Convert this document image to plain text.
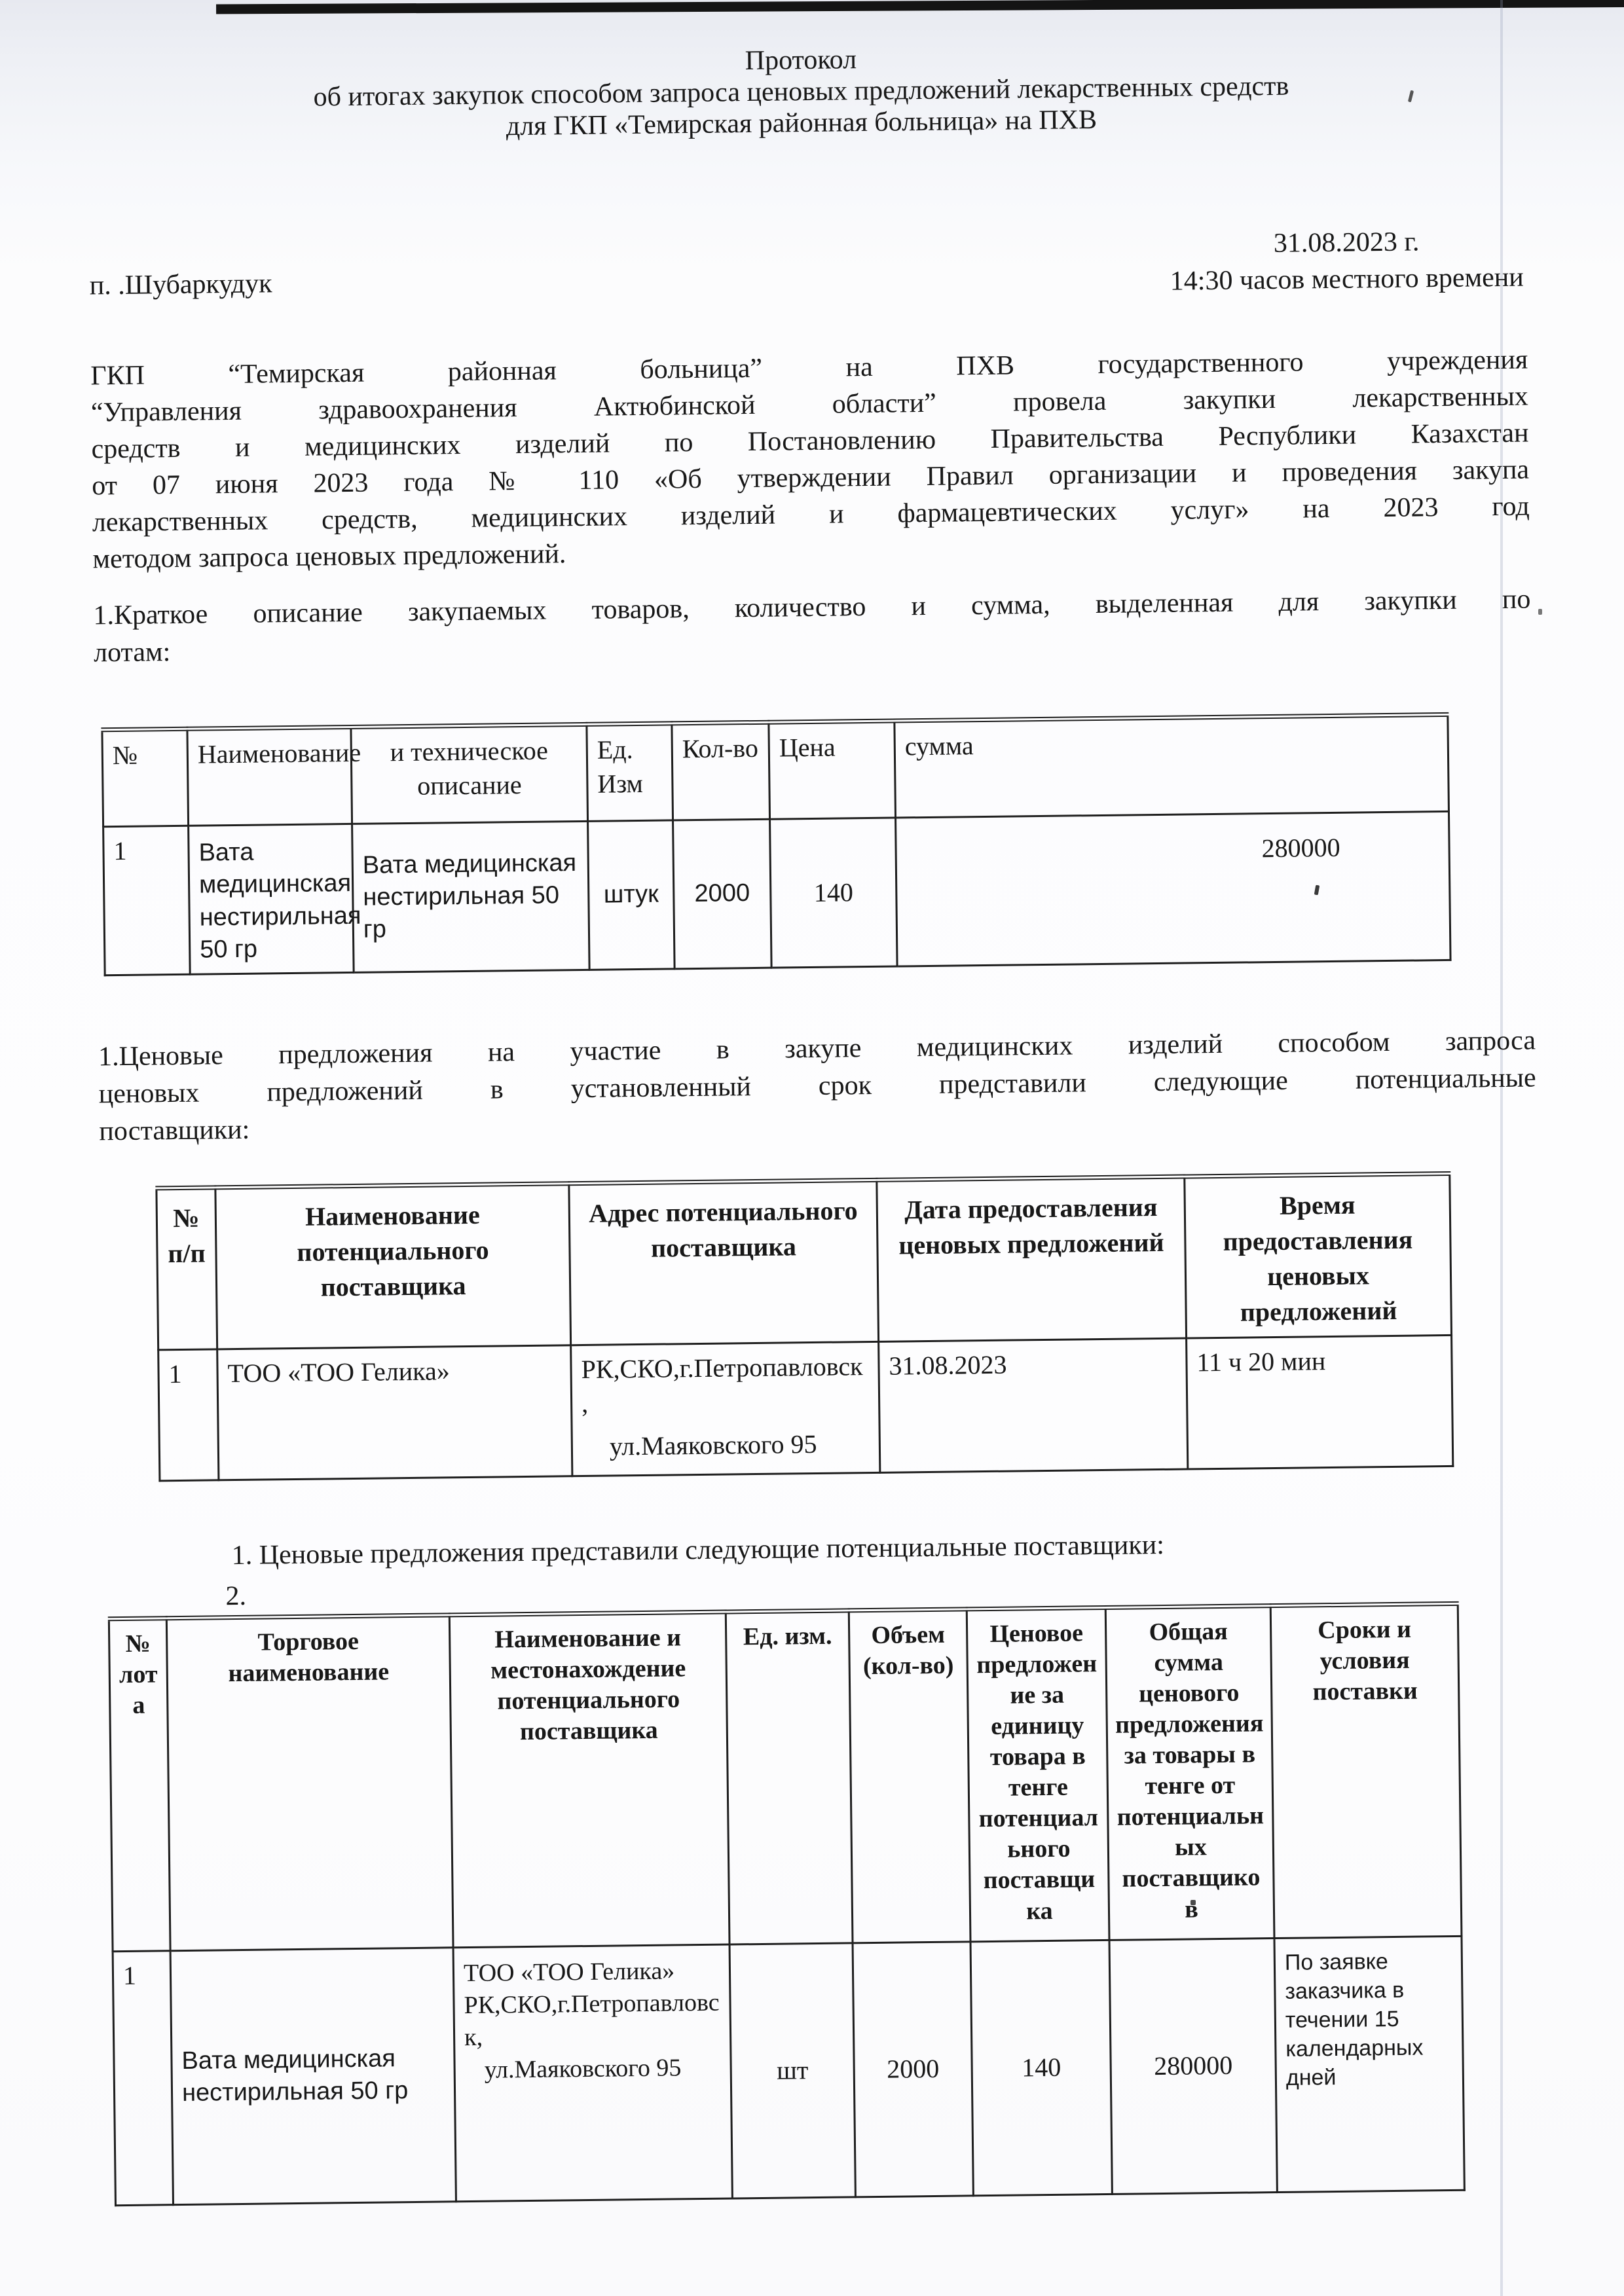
Протокол
об итогах закупок способом запроса ценовых предложений лекарственных средств
для ГКП «Темирская районная больница» на ПХВ
п. .Шубаркудук
31.08.2023 г.
14:30 часов местного времени
ГКП “Темирская районная больница” на ПХВ государственного учреждения
“Управления здравоохранения Актюбинской области” провела закупки лекарственных
средств и медицинских изделий по Постановлению Правительства Республики Казахстан
от 07 июня 2023 года № 110 «Об утверждении Правил организации и проведения закупа
лекарственных средств, медицинских изделий и фармацевтических услуг» на 2023 год
методом запроса ценовых предложений.
1.Краткое описание закупаемых товаров, количество и сумма, выделенная для закупки по
лотам:
№	Наименование	и техническое описание	Ед. Изм	Кол-во	Цена	сумма
1	Вата медицинская нестирильная 50 гр	Вата медицинская нестирильная 50 гр	штук	2000	140	280000
1.Ценовые предложения на участие в закупе медицинских изделий способом запроса
ценовых предложений в установленный срок представили следующие потенциальные
поставщики:
№ п/п	Наименование потенциального поставщика	Адрес потенциального поставщика	Дата предоставления ценовых предложений	Время предоставления ценовых предложений
1	ТОО «ТОО Гелика»	РК,СКО,г.Петропавловск,
ул.Маяковского 95	31.08.2023	11 ч 20 мин
1. Ценовые предложения представили следующие потенциальные поставщики:
2.
№ лота	Торговое наименование	Наименование и местонахождение потенциального поставщика	Ед. изм.	Объем (кол-во)	Ценовое предложение за единицу товара в тенге потенциального поставщика	Общая сумма ценового предложения за товары в тенге от потенциальных поставщиков	Сроки и условия поставки
1	Вата медицинская нестирильная 50 гр	ТОО «ТОО Гелика»
РК,СКО,г.Петропавловск,
ул.Маяковского 95	шт	2000	140	280000	По заявке заказчика в течении 15 календарных дней
